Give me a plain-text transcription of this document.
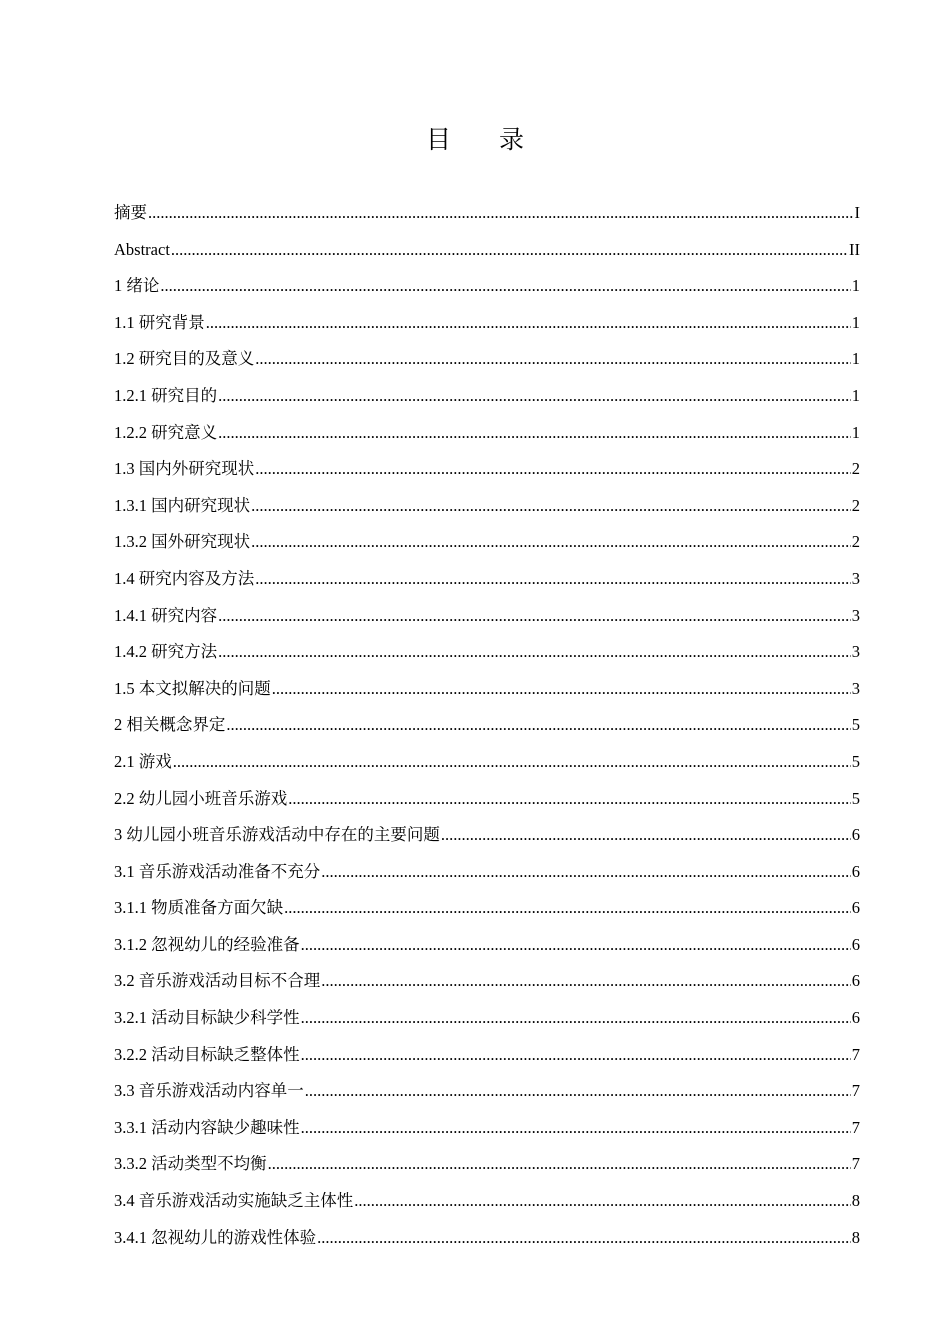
目 录
摘要 .....	I
Abstract .....	II
1 绪论 .....	1
1.1 研究背景 .....	1
1.2 研究目的及意义 .....	1
1.2.1 研究目的 .....	1
1.2.2 研究意义 .....	1
1.3 国内外研究现状 .....	2
1.3.1 国内研究现状 .....	2
1.3.2 国外研究现状 .....	2
1.4 研究内容及方法 .....	3
1.4.1 研究内容 .....	3
1.4.2 研究方法 .....	3
1.5 本文拟解决的问题 .....	3
2 相关概念界定 .....	5
2.1 游戏 .....	5
2.2 幼儿园小班音乐游戏 .....	5
3 幼儿园小班音乐游戏活动中存在的主要问题 .....	6
3.1 音乐游戏活动准备不充分 .....	6
3.1.1 物质准备方面欠缺 .....	6
3.1.2 忽视幼儿的经验准备 .....	6
3.2 音乐游戏活动目标不合理 .....	6
3.2.1 活动目标缺少科学性 .....	6
3.2.2 活动目标缺乏整体性 .....	7
3.3 音乐游戏活动内容单一 .....	7
3.3.1 活动内容缺少趣味性 .....	7
3.3.2 活动类型不均衡 .....	7
3.4 音乐游戏活动实施缺乏主体性 .....	8
3.4.1 忽视幼儿的游戏性体验 .....	8
